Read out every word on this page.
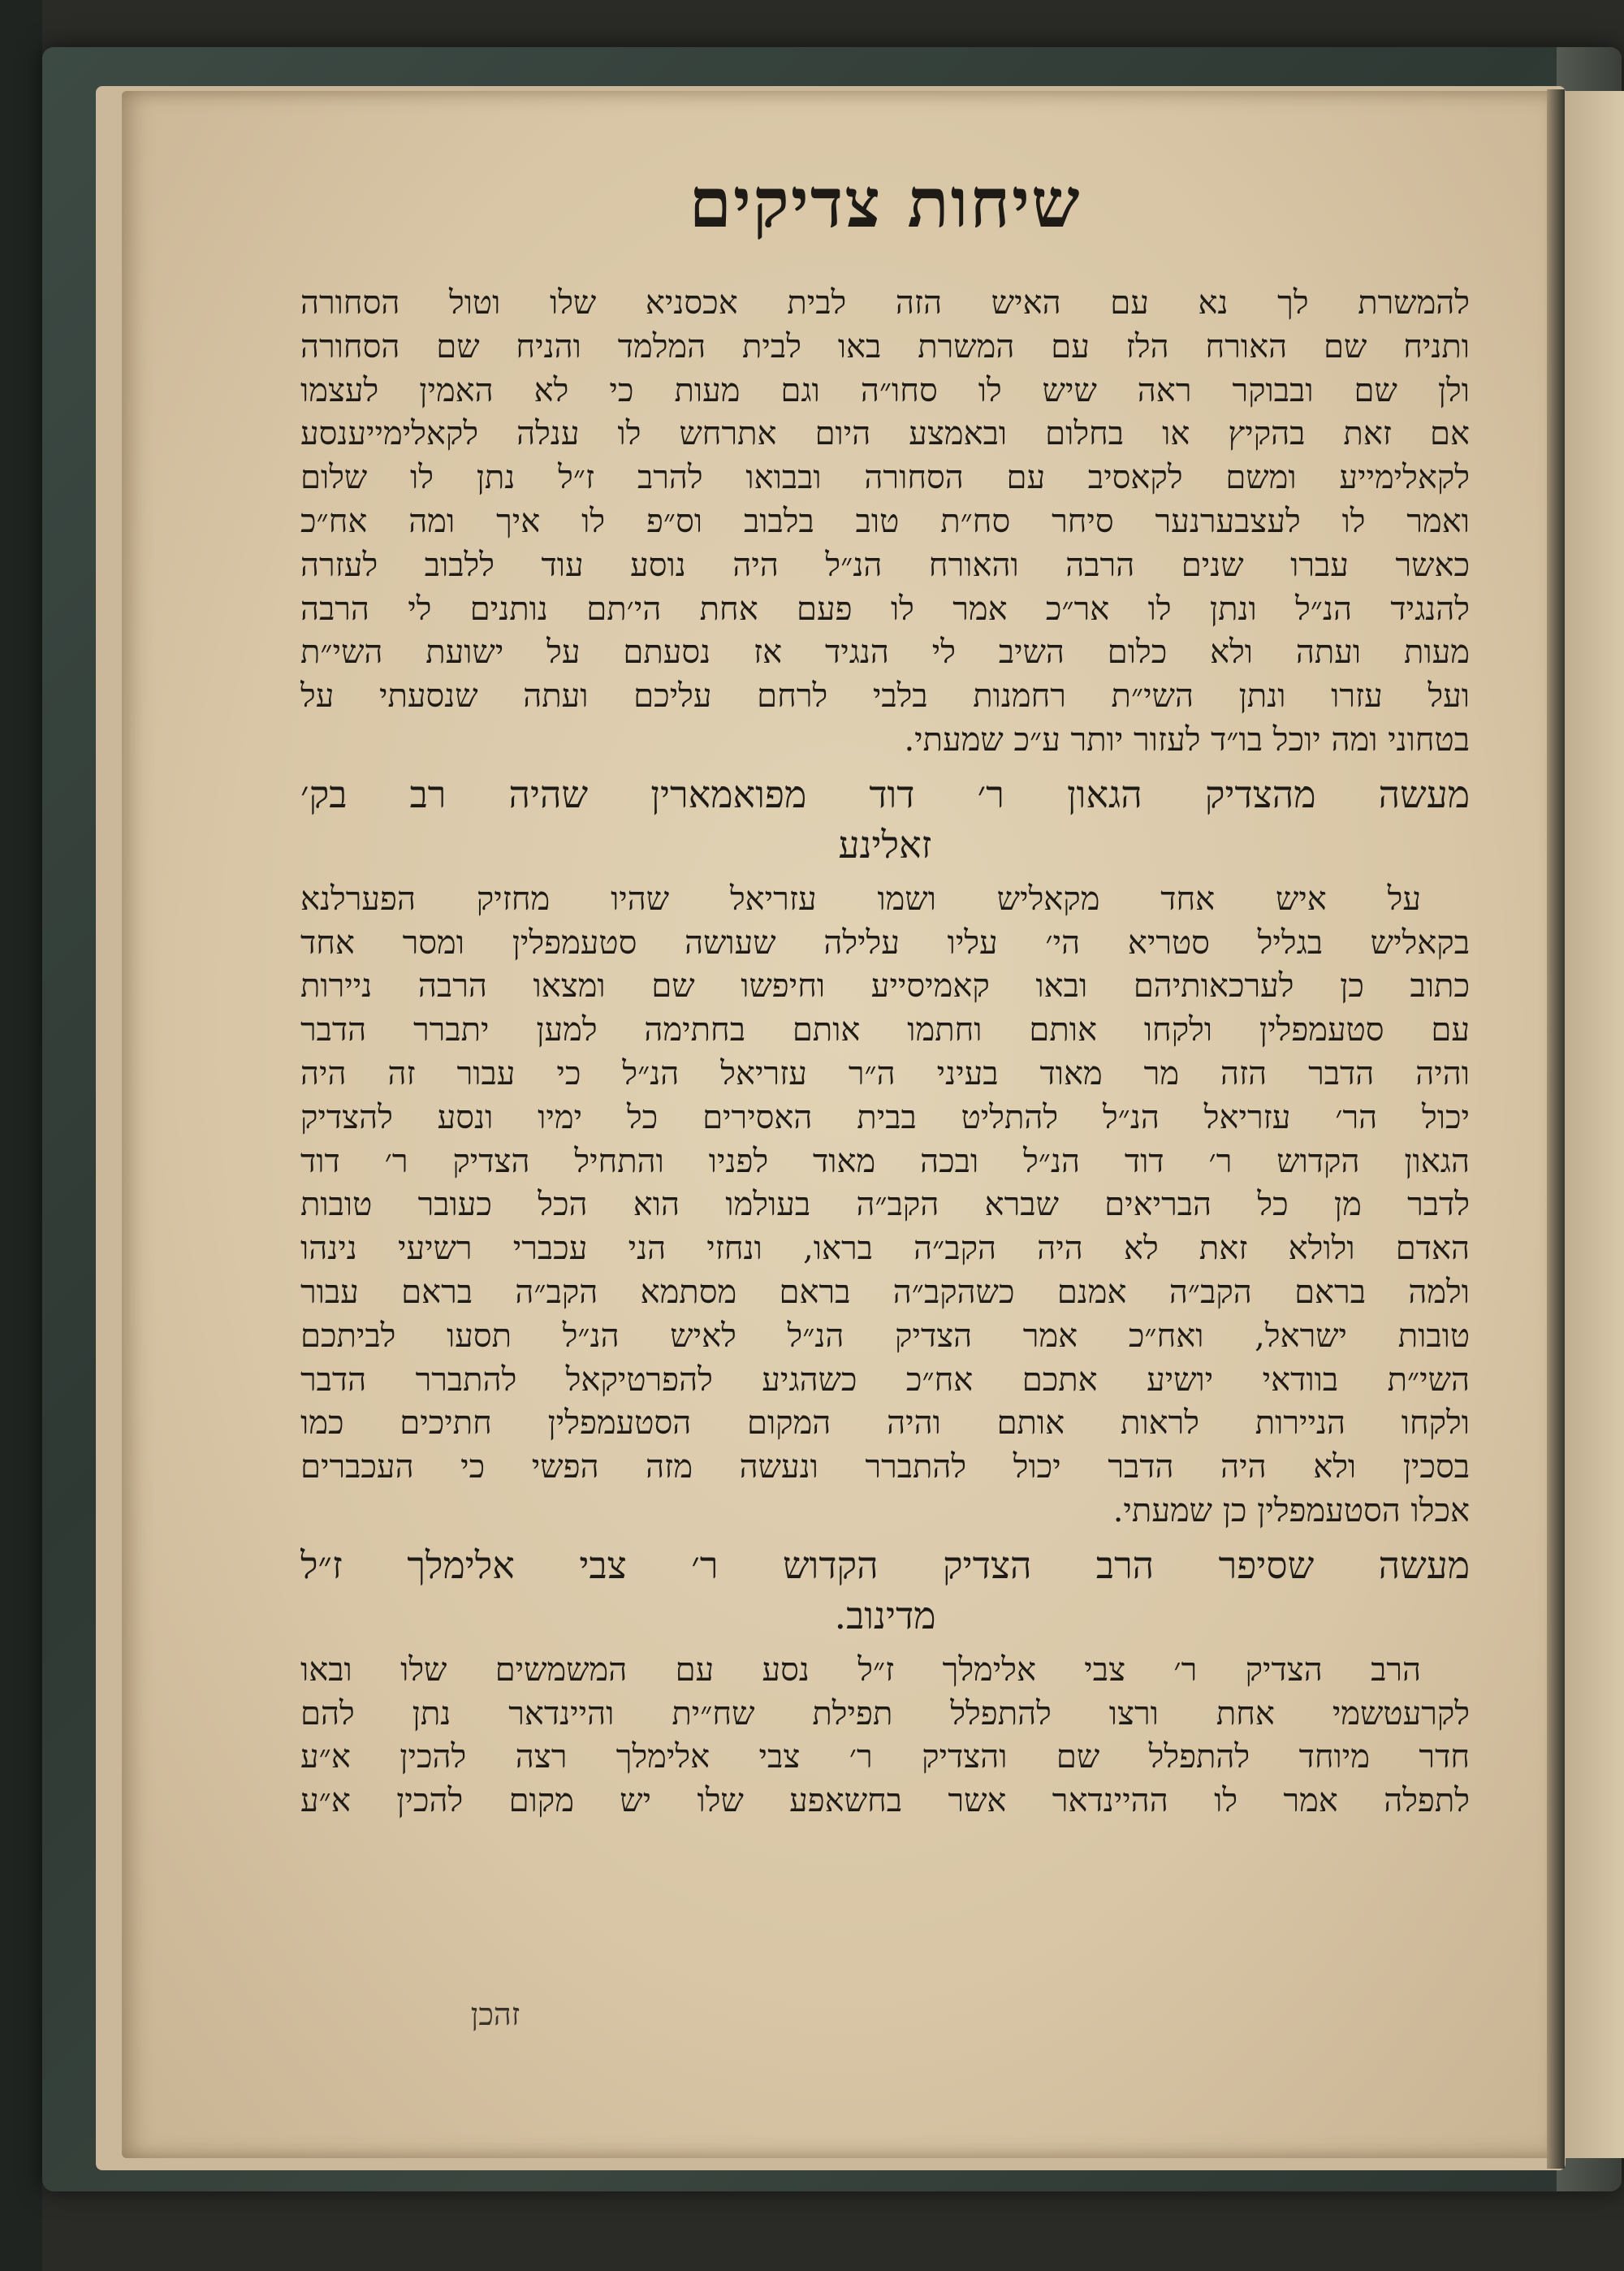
שיחות צדיקים
להמשרת לך נא עם האיש הזה לבית אכסניא שלו וטול הסחורה
ותניח שם האורח הלז עם המשרת באו לבית המלמד והניח שם הסחורה
ולן שם ובבוקר ראה שיש לו סחו״ה וגם מעות כי לא האמין לעצמו
אם זאת בהקיץ או בחלום ובאמצע היום אתרחש לו ענלה לקאלימייענסע
לקאלימייע ומשם לקאסיב עם הסחורה ובבואו להרב ז״ל נתן לו שלום
ואמר לו לעצבערנער סיחר סח״ת טוב בלבוב וס״פ לו איך ומה אח״כ
כאשר עברו שנים הרבה והאורח הנ״ל היה נוסע עוד ללבוב לעזרה
להנגיד הנ״ל ונתן לו אר״כ אמר לו פעם אחת הי׳תם נותנים לי הרבה
מעות ועתה ולא כלום השיב לי הנגיד אז נסעתם על ישועת השי״ת
ועל עזרו ונתן השי״ת רחמנות בלבי לרחם עליכם ועתה שנסעתי על
בטחוני ומה יוכל בו״ד לעזור יותר ע״כ שמעתי.
מעשה מהצדיק הגאון ר׳ דוד מפואמארין שהיה רב בק׳
זאלינע
על איש אחד מקאליש ושמו עזריאל שהיו מחזיק הפערלנא
בקאליש בגליל סטריא הי׳ עליו עלילה שעושה סטעמפלין ומסר אחד
כתוב כן לערכאותיהם ובאו קאמיסייע וחיפשו שם ומצאו הרבה ניירות
עם סטעמפלין ולקחו אותם וחתמו אותם בחתימה למען יתברר הדבר
והיה הדבר הזה מר מאוד בעיני ה״ר עזריאל הנ״ל כי עבור זה היה
יכול הר׳ עזריאל הנ״ל להתליט בבית האסירים כל ימיו ונסע להצדיק
הגאון הקדוש ר׳ דוד הנ״ל ובכה מאוד לפניו והתחיל הצדיק ר׳ דוד
לדבר מן כל הבריאים שברא הקב״ה בעולמו הוא הכל כעובר טובות
האדם ולולא זאת לא היה הקב״ה בראו, ונחזי הני עכברי רשיעי נינהו
ולמה בראם הקב״ה אמנם כשהקב״ה בראם מסתמא הקב״ה בראם עבור
טובות ישראל, ואח״כ אמר הצדיק הנ״ל לאיש הנ״ל תסעו לביתכם
השי״ת בוודאי יושיע אתכם אח״כ כשהגיע להפרטיקאל להתברר הדבר
ולקחו הניירות לראות אותם והיה המקום הסטעמפלין חתיכים כמו
בסכין ולא היה הדבר יכול להתברר ונעשה מזה הפשי כי העכברים
אכלו הסטעמפלין כן שמעתי.
מעשה שסיפר הרב הצדיק הקדוש ר׳ צבי אלימלך ז״ל
מדינוב.
הרב הצדיק ר׳ צבי אלימלך ז״ל נסע עם המשמשים שלו ובאו
לקרעטשמי אחת ורצו להתפלל תפילת שח״ית והיינדאר נתן להם
חדר מיוחד להתפלל שם והצדיק ר׳ צבי אלימלך רצה להכין א״ע
לתפלה אמר לו ההיינדאר אשר בחשאפע שלו יש מקום להכין א״ע
זהכן
